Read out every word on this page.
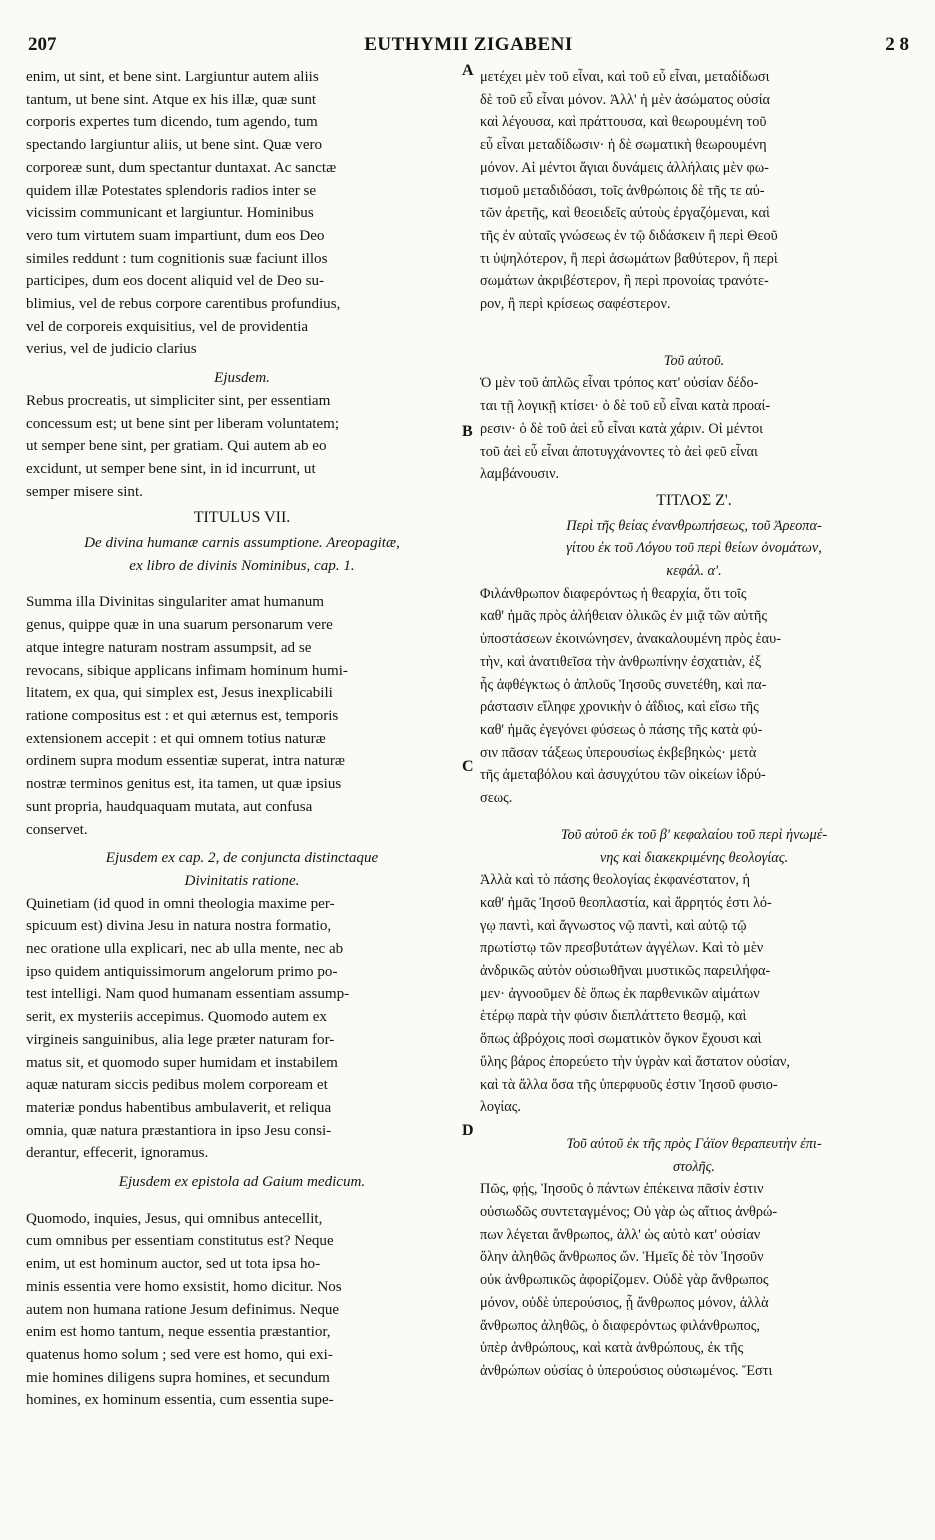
EUTHYMII ZIGABENI
207	2 8
A
B
C
D

enim, ut sint, et bene sint. Largiuntur autem aliis
tantum, ut bene sint. Atque ex his illæ, quæ sunt
corporis expertes tum dicendo, tum agendo, tum
spectando largiuntur aliis, ut bene sint. Quæ vero
corporeæ sunt, dum spectantur duntaxat. Ac sanctæ
quidem illæ Potestates splendoris radios inter se
vicissim communicant et largiuntur. Hominibus
vero tum virtutem suam impartiunt, dum eos Deo
similes reddunt : tum cognitionis suæ faciunt illos
participes, dum eos docent aliquid vel de Deo su-
blimius, vel de rebus corpore carentibus profundius,
vel de corporeis exquisitius, vel de providentia
verius, vel de judicio clarius

Ejusdem.

Rebus procreatis, ut simpliciter sint, per essentiam
concessum est; ut bene sint per liberam voluntatem;
ut semper bene sint, per gratiam. Qui autem ab eo
excidunt, ut semper bene sint, in id incurrunt, ut
semper misere sint.

TITULUS VII.
De divina humanæ carnis assumptione. Areopagitæ,
ex libro de divinis Nominibus, cap. 1.

Summa illa Divinitas singulariter amat humanum
genus, quippe quæ in una suarum personarum vere
atque integre naturam nostram assumpsit, ad se
revocans, sibique applicans infimam hominum humi-
litatem, ex qua, qui simplex est, Jesus inexplicabili
ratione compositus est : et qui æternus est, temporis
extensionem accepit : et qui omnem totius naturæ
ordinem supra modum essentiæ superat, intra naturæ
nostræ terminos genitus est, ita tamen, ut quæ ipsius
sunt propria, haudquaquam mutata, aut confusa
conservet.

Ejusdem ex cap. 2, de conjuncta distinctaque
Divinitatis ratione.

Quinetiam (id quod in omni theologia maxime per-
spicuum est) divina Jesu in natura nostra formatio,
nec oratione ulla explicari, nec ab ulla mente, nec ab
ipso quidem antiquissimorum angelorum primo po-
test intelligi. Nam quod humanam essentiam assump-
serit, ex mysteriis accepimus. Quomodo autem ex
virgineis sanguinibus, alia lege præter naturam for-
matus sit, et quomodo super humidam et instabilem
aquæ naturam siccis pedibus molem corpoream et
materiæ pondus habentibus ambulaverit, et reliqua
omnia, quæ natura præstantiora in ipso Jesu consi-
derantur, effecerit, ignoramus.

Ejusdem ex epistola ad Gaium medicum.

Quomodo, inquies, Jesus, qui omnibus antecellit,
cum omnibus per essentiam constitutus est? Neque
enim, ut est hominum auctor, sed ut tota ipsa ho-
minis essentia vere homo exsistit, homo dicitur. Nos
autem non humana ratione Jesum definimus. Neque
enim est homo tantum, neque essentia præstantior,
quatenus homo solum ; sed vere est homo, qui exi-
mie homines diligens supra homines, et secundum
homines, ex hominum essentia, cum essentia supe-

μετέχει μὲν τοῦ εἶναι, καὶ τοῦ εὖ εἶναι, μεταδίδωσι
δὲ τοῦ εὖ εἶναι μόνον. Ἀλλ' ἡ μὲν ἀσώματος οὐσία
καὶ λέγουσα, καὶ πράττουσα, καὶ θεωρουμένη τοῦ
εὖ εἶναι μεταδίδωσιν· ἡ δὲ σωματικὴ θεωρουμένη
μόνον. Αἱ μέντοι ἅγιαι δυνάμεις ἀλλήλαις μὲν φω-
τισμοῦ μεταδιδόασι, τοῖς ἀνθρώποις δὲ τῆς τε αὐ-
τῶν ἀρετῆς, καὶ θεοειδεῖς αὐτοὺς ἐργαζόμεναι, καὶ
τῆς ἐν αὐταῖς γνώσεως ἐν τῷ διδάσκειν ἢ περὶ Θεοῦ
τι ὑψηλότερον, ἢ περὶ ἀσωμάτων βαθύτερον, ἢ περὶ
σωμάτων ἀκριβέστερον, ἢ περὶ προνοίας τρανότε-
ρον, ἢ περὶ κρίσεως σαφέστερον.

Τοῦ αὐτοῦ.

Ὁ μὲν τοῦ ἁπλῶς εἶναι τρόπος κατ' οὐσίαν δέδο-
ται τῇ λογικῇ κτίσει· ὁ δὲ τοῦ εὖ εἶναι κατὰ προαί-
ρεσιν· ὁ δὲ τοῦ ἀεὶ εὖ εἶναι κατὰ χάριν. Οἱ μέντοι
τοῦ ἀεὶ εὖ εἶναι ἀποτυγχάνοντες τὸ ἀεὶ φεῦ εἶναι
λαμβάνουσιν.

ΤΙΤΛΟΣ Ζ'.
Περὶ τῆς θείας ἐνανθρωπήσεως, τοῦ Ἀρεοπα-
γίτου ἐκ τοῦ Λόγου τοῦ περὶ θείων ὀνομάτων,
κεφάλ. α'.

Φιλάνθρωπον διαφερόντως ἡ θεαρχία, ὅτι τοῖς
καθ' ἡμᾶς πρὸς ἀλήθειαν ὁλικῶς ἐν μιᾷ τῶν αὐτῆς
ὑποστάσεων ἐκοινώνησεν, ἀνακαλουμένη πρὸς ἑαυ-
τὴν, καὶ ἀνατιθεῖσα τὴν ἀνθρωπίνην ἐσχατιὰν, ἐξ
ἧς ἀφθέγκτως ὁ ἁπλοῦς Ἰησοῦς συνετέθη, καὶ πα-
ράστασιν εἴληφε χρονικὴν ὁ ἀΐδιος, καὶ εἴσω τῆς
καθ' ἡμᾶς ἐγεγόνει φύσεως ὁ πάσης τῆς κατὰ φύ-
σιν πᾶσαν τάξεως ὑπερουσίως ἐκβεβηκὼς· μετὰ
τῆς ἀμεταβόλου καὶ ἀσυγχύτου τῶν οἰκείων ἱδρύ-
σεως.

Τοῦ αὐτοῦ ἐκ τοῦ β' κεφαλαίου τοῦ περὶ ἡνωμέ-
νης καὶ διακεκριμένης θεολογίας.

Ἀλλὰ καὶ τὸ πάσης θεολογίας ἐκφανέστατον, ἡ
καθ' ἡμᾶς Ἰησοῦ θεοπλαστία, καὶ ἄρρητός ἐστι λό-
γῳ παντὶ, καὶ ἄγνωστος νῷ παντὶ, καὶ αὐτῷ τῷ
πρωτίστῳ τῶν πρεσβυτάτων ἀγγέλων. Καὶ τὸ μὲν
ἀνδρικῶς αὐτὸν οὐσιωθῆναι μυστικῶς παρειλήφα-
μεν· ἀγνοοῦμεν δὲ ὅπως ἐκ παρθενικῶν αἱμάτων
ἑτέρῳ παρὰ τὴν φύσιν διεπλάττετο θεσμῷ, καὶ
ὅπως ἀβρόχοις ποσὶ σωματικὸν ὄγκον ἔχουσι καὶ
ὕλης βάρος ἐπορεύετο τὴν ὑγρὰν καὶ ἄστατον οὐσίαν,
καὶ τὰ ἄλλα ὅσα τῆς ὑπερφυοῦς ἐστιν Ἰησοῦ φυσιο-
λογίας.

Τοῦ αὐτοῦ ἐκ τῆς πρὸς Γάϊον θεραπευτὴν ἐπι-
στολῆς.

Πῶς, φῄς, Ἰησοῦς ὁ πάντων ἐπέκεινα πᾶσίν ἐστιν
οὐσιωδῶς συντεταγμένος; Οὐ γὰρ ὡς αἴτιος ἀνθρώ-
πων λέγεται ἄνθρωπος, ἀλλ' ὡς αὐτὸ κατ' οὐσίαν
ὅλην ἀληθῶς ἄνθρωπος ὤν. Ἡμεῖς δὲ τὸν Ἰησοῦν
οὐκ ἀνθρωπικῶς ἀφορίζομεν. Οὐδὲ γὰρ ἄνθρωπος
μόνον, οὐδὲ ὑπερούσιος, ᾗ ἄνθρωπος μόνον, ἀλλὰ
ἄνθρωπος ἀληθῶς, ὁ διαφερόντως φιλάνθρωπος,
ὑπὲρ ἀνθρώπους, καὶ κατὰ ἀνθρώπους, ἐκ τῆς
ἀνθρώπων οὐσίας ὁ ὑπερούσιος οὐσιωμένος. Ἔστι
